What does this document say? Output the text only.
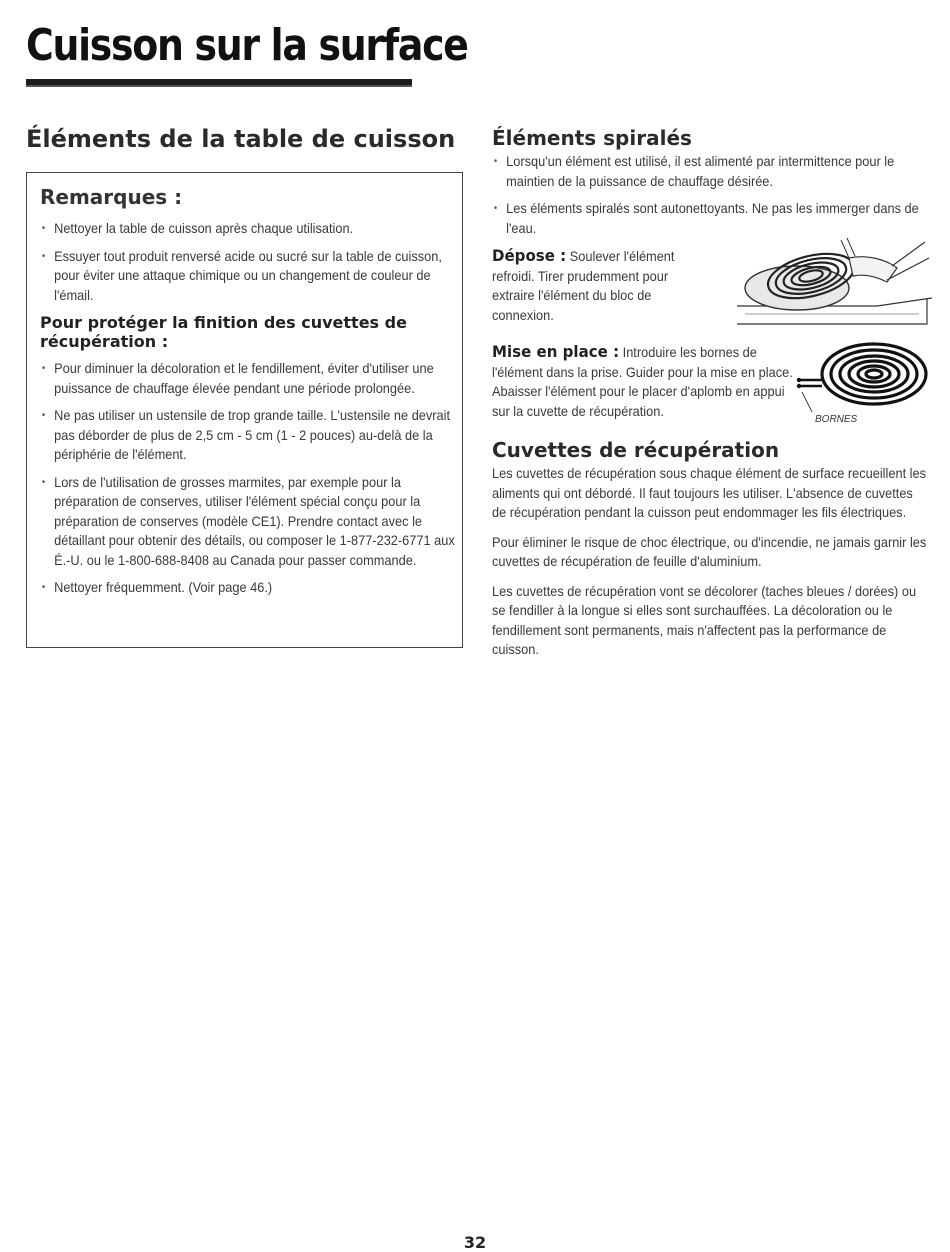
Cuisson sur la surface
Éléments de la table de cuisson
Remarques :
• Nettoyer la table de cuisson après chaque utilisation.
• Essuyer tout produit renversé acide ou sucré sur la table de cuisson, pour éviter une attaque chimique ou un changement de couleur de l'émail.
Pour protéger la finition des cuvettes de récupération :
• Pour diminuer la décoloration et le fendillement, éviter d'utiliser une puissance de chauffage élevée pendant une période prolongée.
• Ne pas utiliser un ustensile de trop grande taille. L'ustensile ne devrait pas déborder de plus de 2,5 cm - 5 cm (1 - 2 pouces) au-delà de la périphérie de l'élément.
• Lors de l'utilisation de grosses marmites, par exemple pour la préparation de conserves, utiliser l'élément spécial conçu pour la préparation de conserves (modèle CE1). Prendre contact avec le détaillant pour obtenir des détails, ou composer le 1-877-232-6771 aux É.-U. ou le 1-800-688-8408 au Canada pour passer commande.
• Nettoyer fréquemment. (Voir page 46.)
Éléments spiralés
• Lorsqu'un élément est utilisé, il est alimenté par intermittence pour le maintien de la puissance de chauffage désirée.
• Les éléments spiralés sont autonettoyants. Ne pas les immerger dans de l'eau.

Dépose : Soulever l'élément refroidi. Tirer prudemment pour extraire l'élément du bloc de connexion.

Mise en place : Introduire les bornes de l'élément dans la prise. Guider pour la mise en place. Abaisser l'élément pour le placer d'aplomb en appui sur la cuvette de récupération.

BORNES
Cuvettes de récupération

Les cuvettes de récupération sous chaque élément de surface recueillent les aliments qui ont débordé. Il faut toujours les utiliser. L'absence de cuvettes de récupération pendant la cuisson peut endommager les fils électriques.

Pour éliminer le risque de choc électrique, ou d'incendie, ne jamais garnir les cuvettes de récupération de feuille d'aluminium.

Les cuvettes de récupération vont se décolorer (taches bleues / dorées) ou se fendiller à la longue si elles sont surchauffées. La décoloration ou le fendillement sont permanents, mais n'affectent pas la performance de cuisson.

32
